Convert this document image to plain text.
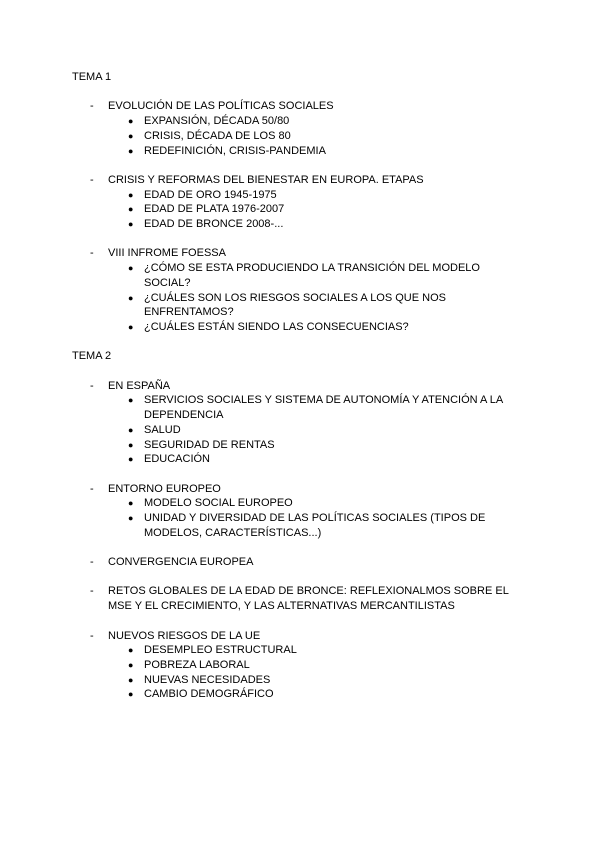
TEMA 1
-	EVOLUCIÓN DE LAS POLÍTICAS SOCIALES
● EXPANSIÓN, DÉCADA 50/80
● CRISIS, DÉCADA DE LOS 80
● REDEFINICIÓN, CRISIS-PANDEMIA
-	CRISIS Y REFORMAS DEL BIENESTAR EN EUROPA. ETAPAS
● EDAD DE ORO 1945-1975
● EDAD DE PLATA 1976-2007
● EDAD DE BRONCE 2008-...
-	VIII INFROME FOESSA
● ¿CÓMO SE ESTA PRODUCIENDO LA TRANSICIÓN DEL MODELO SOCIAL?
● ¿CUÁLES SON LOS RIESGOS SOCIALES A LOS QUE NOS ENFRENTAMOS?
● ¿CUÁLES ESTÁN SIENDO LAS CONSECUENCIAS?
TEMA 2
-	EN ESPAÑA
● SERVICIOS SOCIALES Y SISTEMA DE AUTONOMÍA Y ATENCIÓN A LA DEPENDENCIA
● SALUD
● SEGURIDAD DE RENTAS
● EDUCACIÓN
-	ENTORNO EUROPEO
● MODELO SOCIAL EUROPEO
● UNIDAD Y DIVERSIDAD DE LAS POLÍTICAS SOCIALES (TIPOS DE MODELOS, CARACTERÍSTICAS...)
-	CONVERGENCIA EUROPEA
-	RETOS GLOBALES DE LA EDAD DE BRONCE: REFLEXIONALMOS SOBRE EL MSE Y EL CRECIMIENTO, Y LAS ALTERNATIVAS MERCANTILISTAS
-	NUEVOS RIESGOS DE LA UE
● DESEMPLEO ESTRUCTURAL
● POBREZA LABORAL
● NUEVAS NECESIDADES
● CAMBIO DEMOGRÁFICO
